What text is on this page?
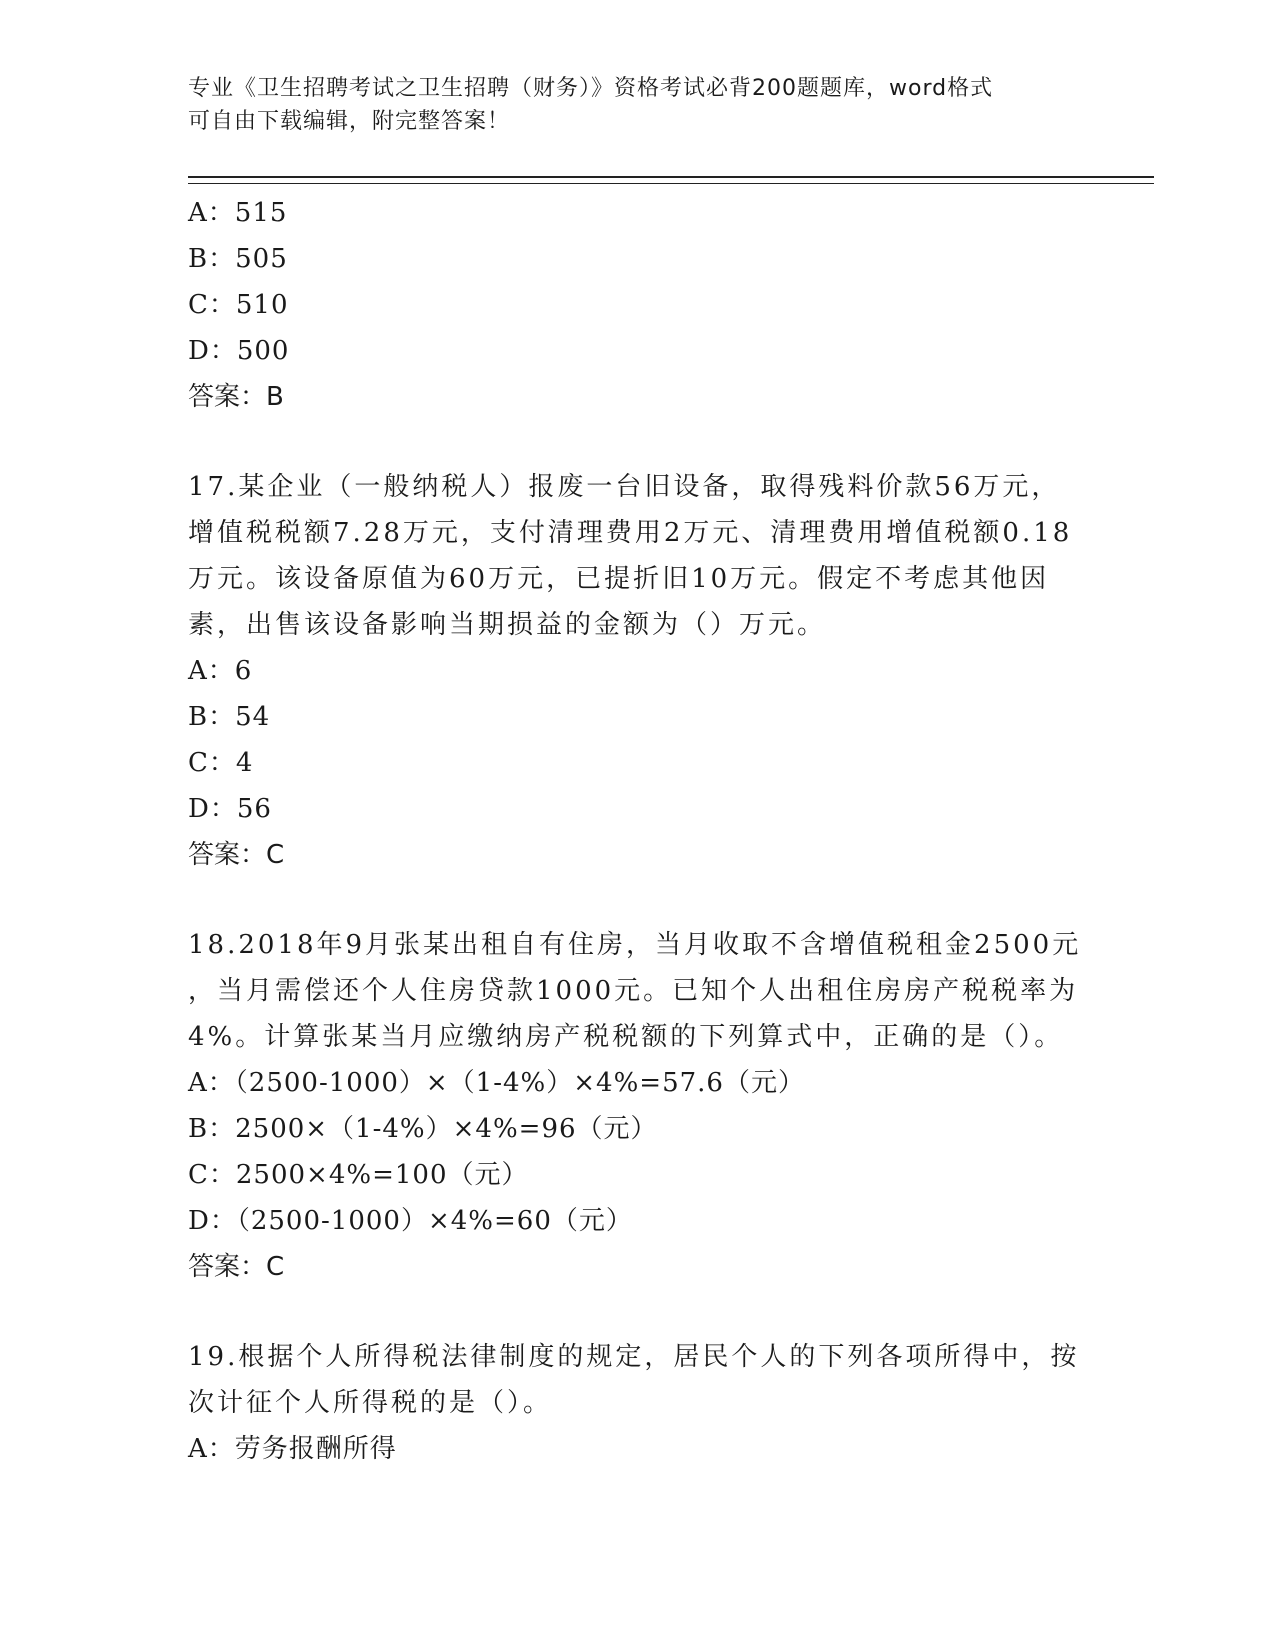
专业《卫生招聘考试之卫生招聘（财务）》资格考试必背200题题库，word格式
可自由下载编辑，附完整答案！
A：515
B：505
C：510
D：500
答案：B
17.某企业（一般纳税人）报废一台旧设备，取得残料价款56万元，
增值税税额7.28万元，支付清理费用2万元、清理费用增值税额0.18
万元。该设备原值为60万元，已提折旧10万元。假定不考虑其他因
素，出售该设备影响当期损益的金额为（）万元。
A：6
B：54
C：4
D：56
答案：C
18.2018年9月张某出租自有住房，当月收取不含增值税租金2500元
，当月需偿还个人住房贷款1000元。已知个人出租住房房产税税率为
4%。计算张某当月应缴纳房产税税额的下列算式中，正确的是（）。
A：（2500-1000）×（1-4%）×4%=57.6（元）
B：2500×（1-4%）×4%=96（元）
C：2500×4%=100（元）
D：（2500-1000）×4%=60（元）
答案：C
19.根据个人所得税法律制度的规定，居民个人的下列各项所得中，按
次计征个人所得税的是（）。
A：劳务报酬所得
